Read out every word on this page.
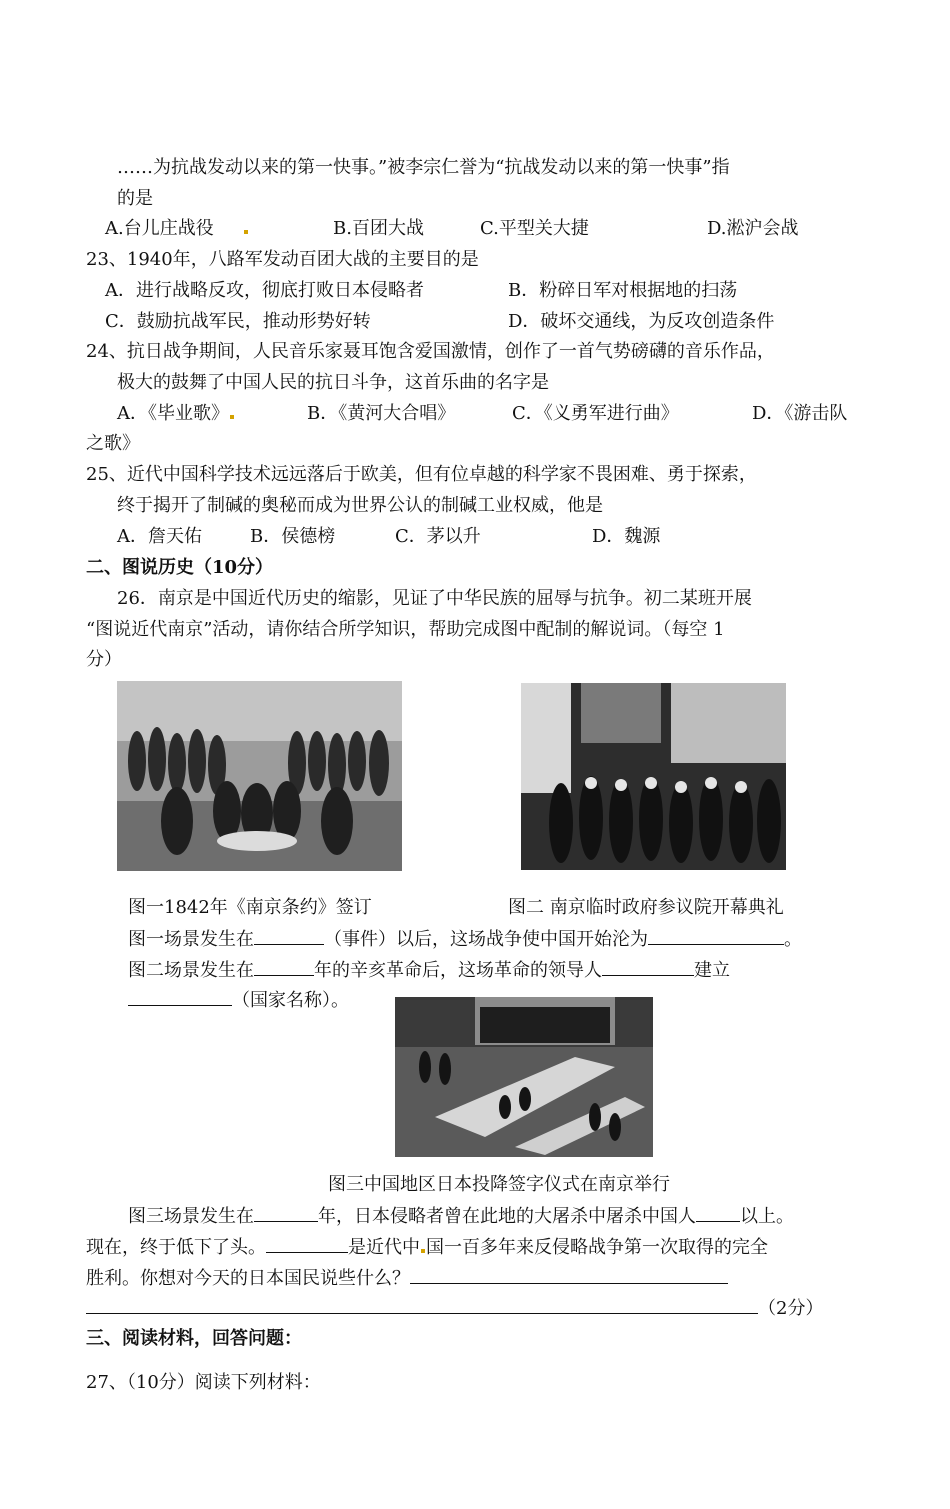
……为抗战发动以来的第一快事。”被李宗仁誉为“抗战发动以来的第一快事”指
的是
A.台儿庄战役	B.百团大战	C.平型关大捷	D.淞沪会战
23、1940年，八路军发动百团大战的主要目的是
A．进行战略反攻，彻底打败日本侵略者	B．粉碎日军对根据地的扫荡
C．鼓励抗战军民，推动形势好转	D．破坏交通线，为反攻创造条件
24、抗日战争期间，人民音乐家聂耳饱含爱国激情，创作了一首气势磅礴的音乐作品，
极大的鼓舞了中国人民的抗日斗争，这首乐曲的名字是
A．《毕业歌》	B．《黄河大合唱》	C．《义勇军进行曲》	D．《游击队
之歌》
25、近代中国科学技术远远落后于欧美，但有位卓越的科学家不畏困难、勇于探索，
终于揭开了制碱的奥秘而成为世界公认的制碱工业权威，他是
A．詹天佑	B．侯德榜	C．茅以升	D．魏源
二、图说历史（10分）
26．南京是中国近代历史的缩影，见证了中华民族的屈辱与抗争。初二某班开展
“图说近代南京”活动，请你结合所学知识，帮助完成图中配制的解说词。（每空 1
分）
图一1842年《南京条约》签订	图二 南京临时政府参议院开幕典礼
图一场景发生在	（事件）以后，这场战争使中国开始沦为	。
图二场景发生在	年的辛亥革命后，这场革命的领导人	建立
（国家名称）。
图三中国地区日本投降签字仪式在南京举行
图三场景发生在	年，日本侵略者曾在此地的大屠杀中屠杀中国人 以上。
现在，终于低下了头。	是近代中 国一百多年来反侵略战争第一次取得的完全
胜利。你想对今天的日本国民说些什么？
（2分）
三、阅读材料，回答问题：
27、（10分）阅读下列材料：
